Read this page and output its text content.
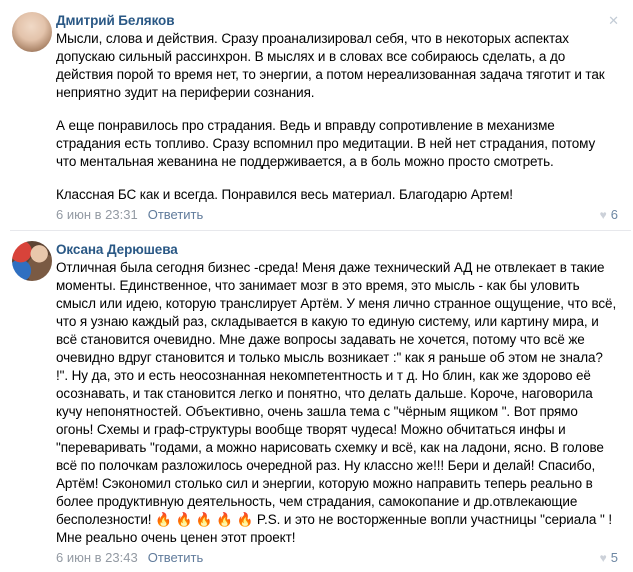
Дмитрий Беляков

Мысли, слова и действия. Сразу проанализировал себя, что в некоторых аспектах допускаю сильный рассинхрон. В мыслях и в словах все собираюсь сделать, а до действия порой то время нет, то энергии, а потом нереализованная задача тяготит и так неприятно зудит на периферии сознания.

А еще понравилось про страдания. Ведь и вправду сопротивление в механизме страдания есть топливо. Сразу вспомнил про медитации. В ней нет страдания, потому что ментальная жеванина не поддерживается, а в боль можно просто смотреть.

Классная БС как и всегда. Понравился весь материал. Благодарю Артем!

6 июн в 23:31 Ответить	♥ 6
✕
Оксана Дерюшева

Отличная была сегодня бизнес -среда! Меня даже технический АД не отвлекает в такие моменты. Единственное, что занимает мозг в это время, это мысль - как бы уловить смысл или идею, которую транслирует Артём. У меня лично странное ощущение, что всё, что я узнаю каждый раз, складывается в какую то единую систему, или картину мира, и всё становится очевидно. Мне даже вопросы задавать не хочется, потому что всё же очевидно вдруг становится и только мысль возникает :" как я раньше об этом не знала? !". Ну да, это и есть неосознанная некомпетентность и т д. Но блин, как же здорово её осознавать, и так становится легко и понятно, что делать дальше. Короче, наговорила кучу непонятностей. Объективно, очень зашла тема с "чёрным ящиком ". Вот прямо огонь! Схемы и граф-структуры вообще творят чудеса! Можно обчитаться инфы и "переваривать "годами, а можно нарисовать схемку и всё, как на ладони, ясно. В голове всё по полочкам разложилось очередной раз. Ну классно же!!! Бери и делай! Спасибо, Артём! Сэкономил столько сил и энергии, которую можно направить теперь реально в более продуктивную деятельность, чем страдания, самокопание и др.отвлекающие бесполезности! 🔥 🔥 🔥 🔥 🔥 P.S. и это не восторженные вопли участницы "сериала " !Мне реально очень ценен этот проект!

6 июн в 23:43 Ответить	♥ 5
